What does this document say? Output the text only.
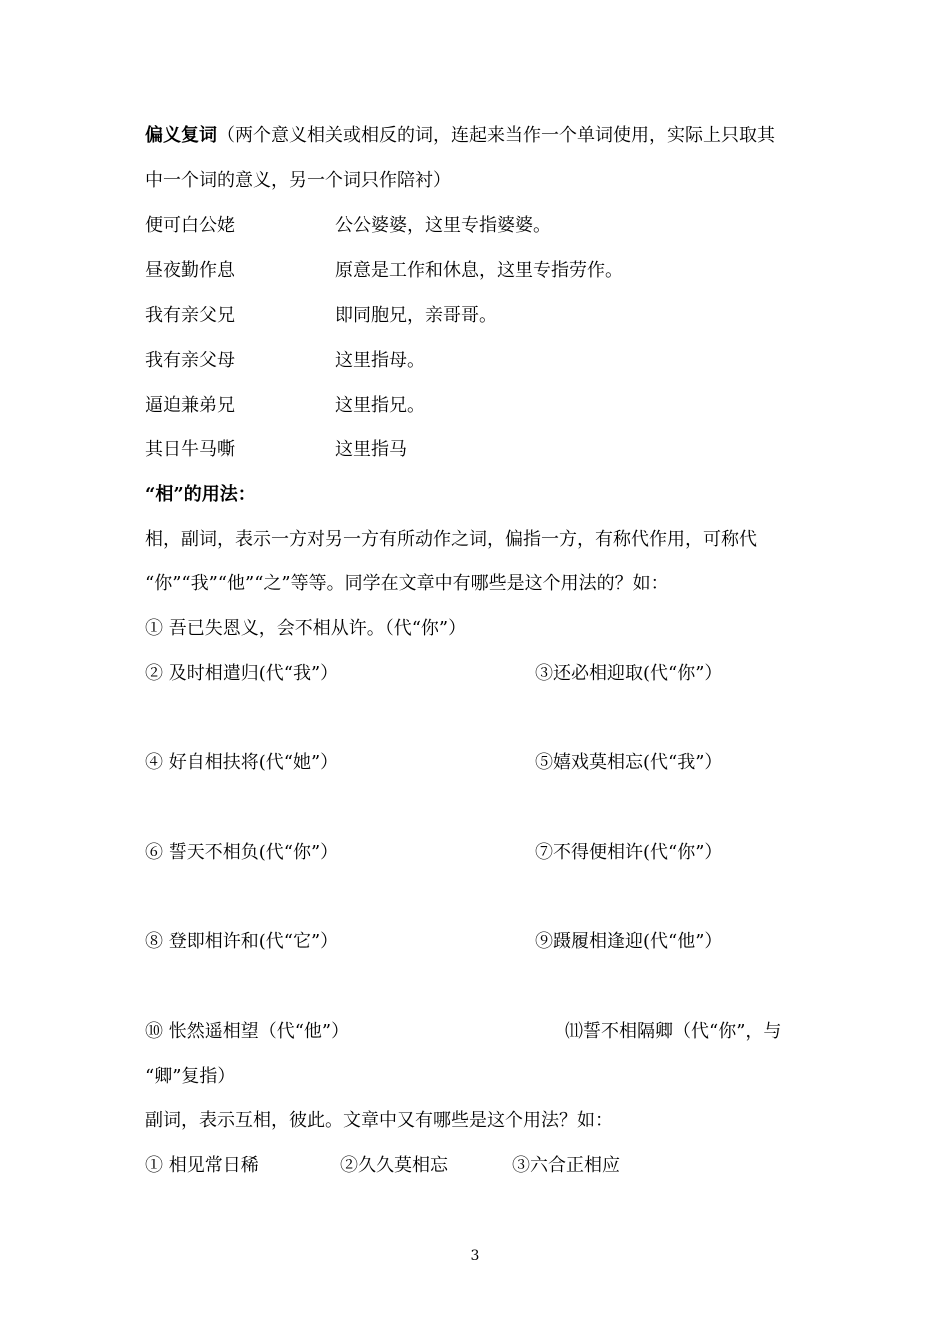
偏义复词（两个意义相关或相反的词，连起来当作一个单词使用，实际上只取其
中一个词的意义，另一个词只作陪衬）
便可白公姥	公公婆婆，这里专指婆婆。
昼夜勤作息	原意是工作和休息，这里专指劳作。
我有亲父兄	即同胞兄，亲哥哥。
我有亲父母	这里指母。
逼迫兼弟兄	这里指兄。
其日牛马嘶	这里指马
“相”的用法：
相，副词，表示一方对另一方有所动作之词，偏指一方，有称代作用，可称代
“你”“我”“他”“之”等等。同学在文章中有哪些是这个用法的？如：
① 吾已失恩义，会不相从许。（代“你”）
② 及时相遣归(代“我”）	③还必相迎取(代“你”）
④ 好自相扶将(代“她”）	⑤嬉戏莫相忘(代“我”）
⑥ 誓天不相负(代“你”）	⑦不得便相许(代“你”）
⑧ 登即相许和(代“它”）	⑨蹑履相逢迎(代“他”）
⑩ 怅然遥相望（代“他”）	⑾誓不相隔卿（代“你”，与
“卿”复指）
副词，表示互相，彼此。文章中又有哪些是这个用法？如：
① 相见常日稀	②久久莫相忘	③六合正相应
3
